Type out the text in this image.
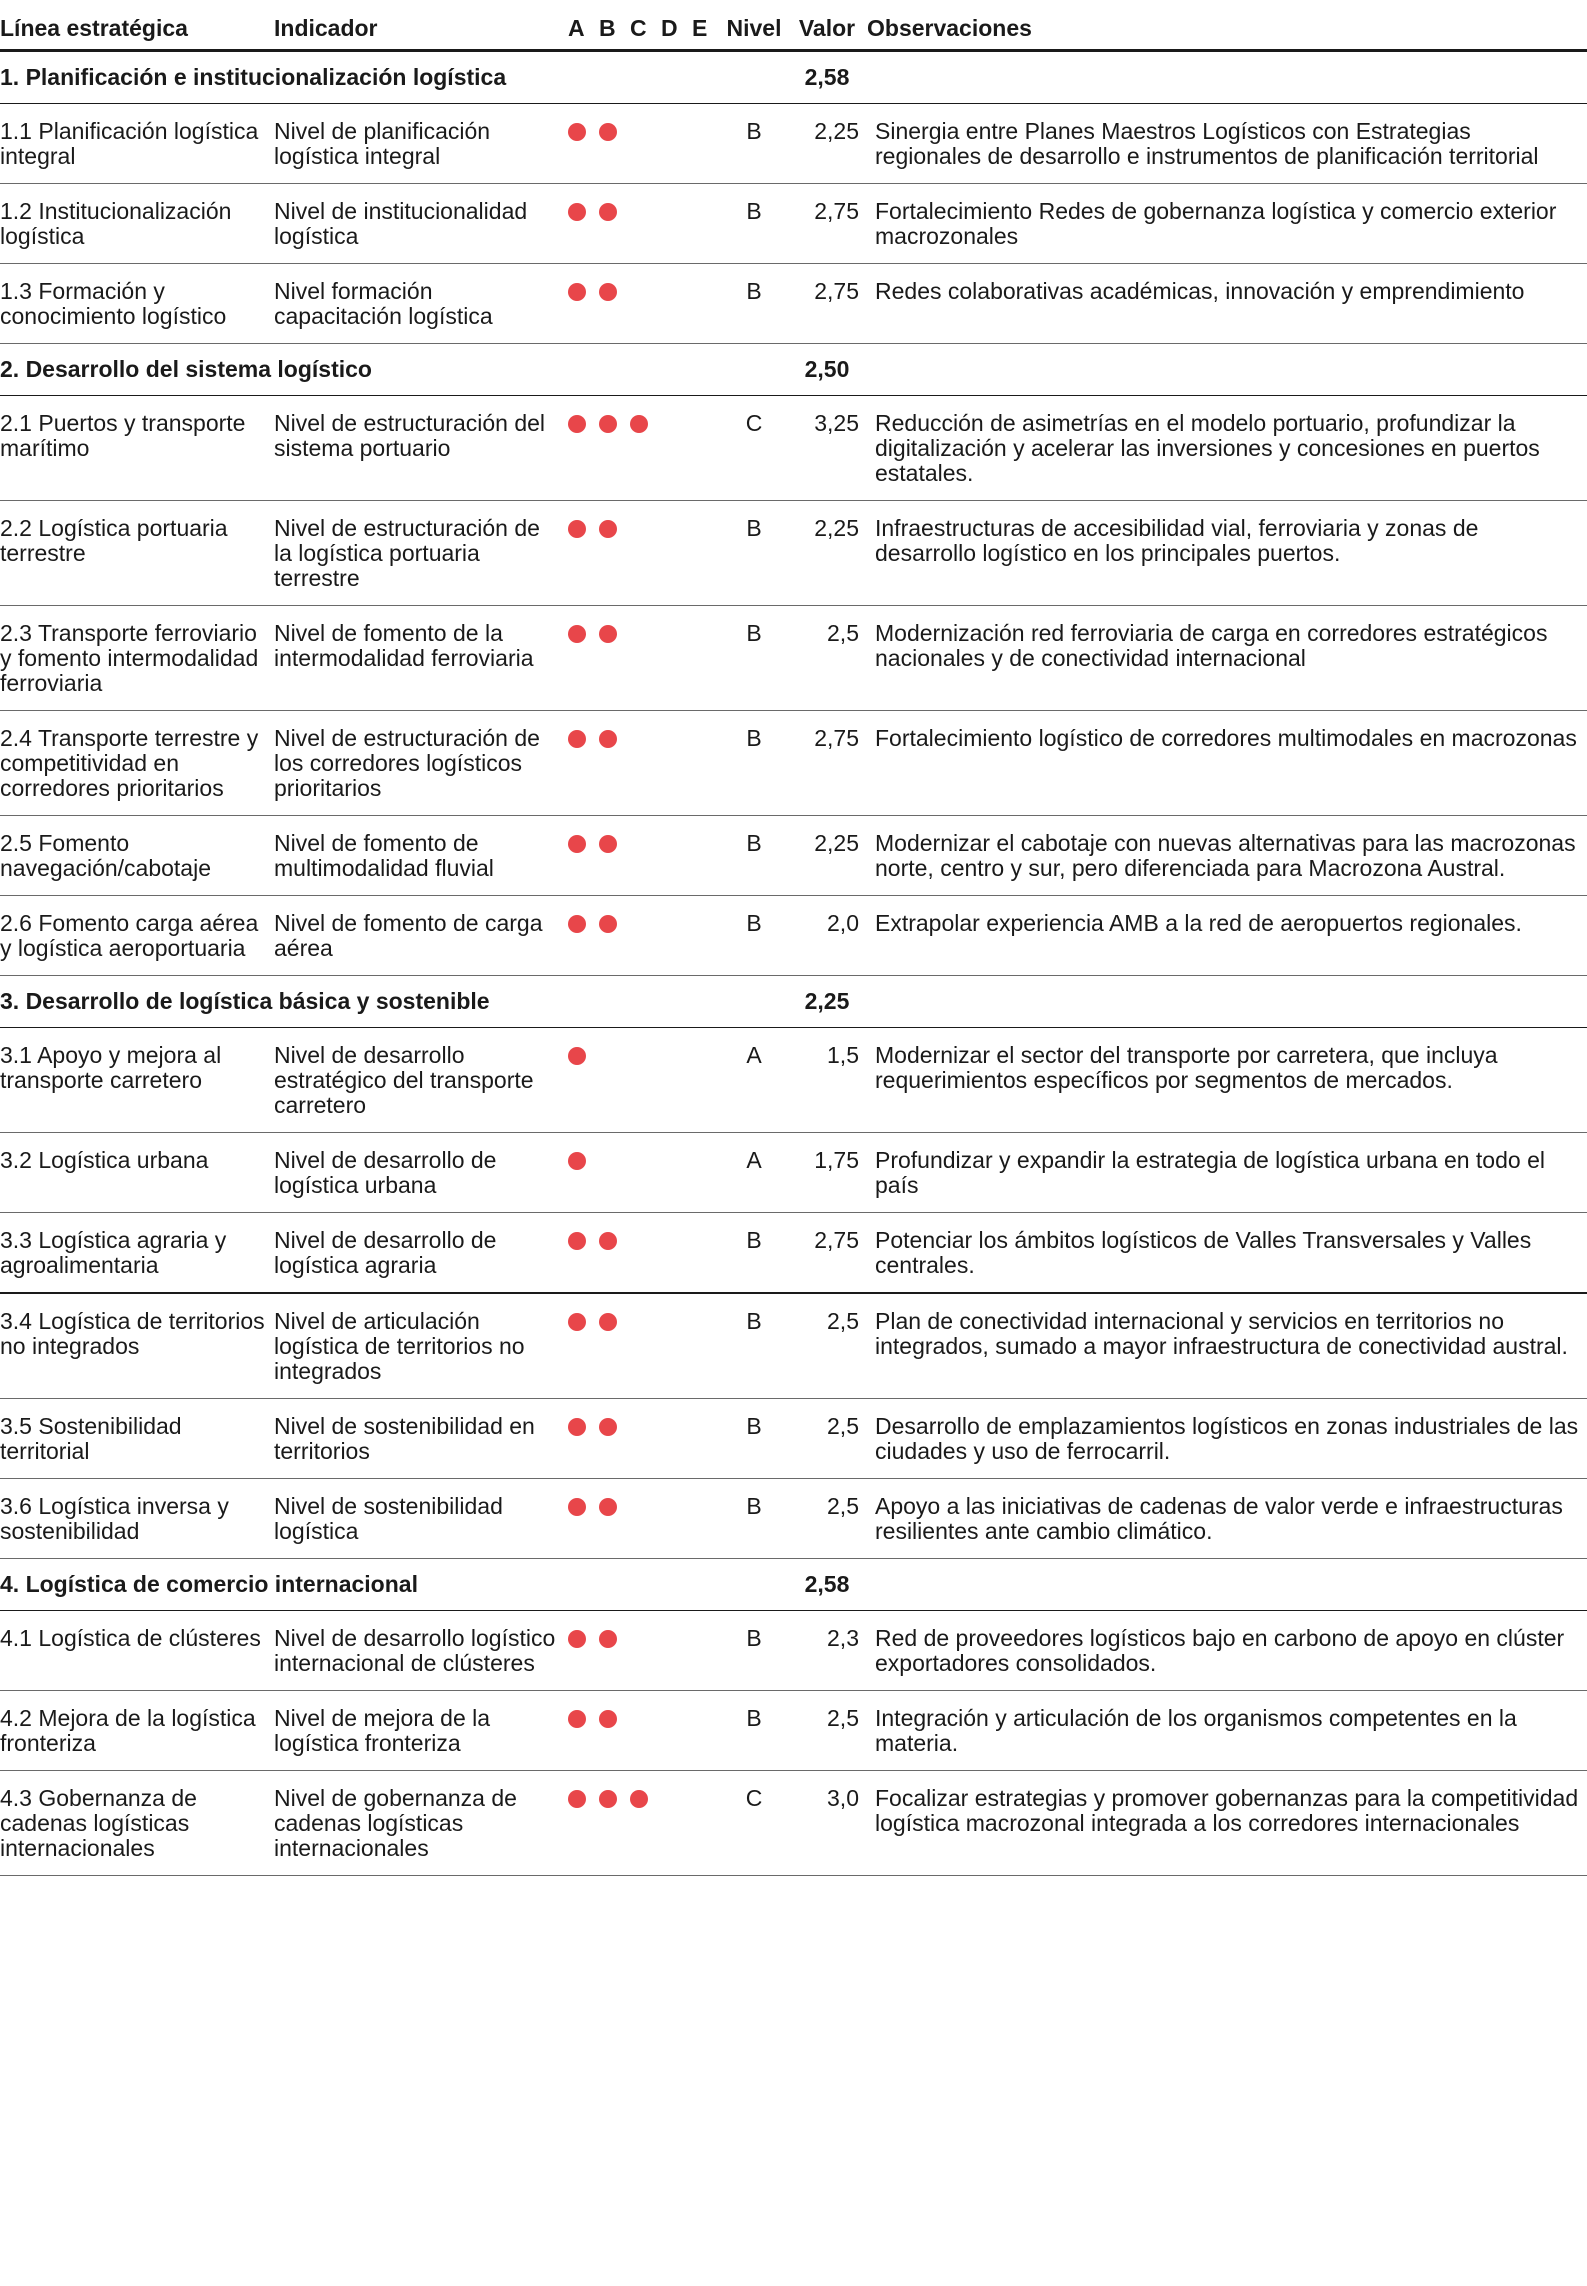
Línea estratégica	Indicador	A	B	C	D	E	Nivel	Valor	Observaciones
1. Planificación e institucionalización logística								2,58	
1.1 Planificación logística integral	Nivel de planificación logística integral						B	2,25	Sinergia entre Planes Maestros Logísticos con Estrategias regionales de desarrollo e instrumentos de planificación territorial
1.2 Institucionalización logística	Nivel de institucionalidad logística						B	2,75	Fortalecimiento Redes de gobernanza logística y comercio exterior macrozonales
1.3 Formación y conocimiento logístico	Nivel formación capacitación logística						B	2,75	Redes colaborativas académicas, innovación y emprendimiento
2. Desarrollo del sistema logístico								2,50	
2.1 Puertos y transporte marítimo	Nivel de estructuración del sistema portuario						C	3,25	Reducción de asimetrías en el modelo portuario, profundizar la digitalización y acelerar las inversiones y concesiones en puertos estatales.
2.2 Logística portuaria terrestre	Nivel de estructuración de la logística portuaria terrestre						B	2,25	Infraestructuras de accesibilidad vial, ferroviaria y zonas de desarrollo logístico en los principales puertos.
2.3 Transporte ferroviario y fomento intermodalidad ferroviaria	Nivel de fomento de la intermodalidad ferroviaria						B	2,5	Modernización red ferroviaria de carga en corredores estratégicos nacionales y de conectividad internacional
2.4 Transporte terrestre y competitividad en corredores prioritarios	Nivel de estructuración de los corredores logísticos prioritarios						B	2,75	Fortalecimiento logístico de corredores multimodales en macrozonas
2.5 Fomento navegación/cabotaje	Nivel de fomento de multimodalidad fluvial						B	2,25	Modernizar el cabotaje con nuevas alternativas para las macrozonas norte, centro y sur, pero diferenciada para Macrozona Austral.
2.6 Fomento carga aérea y logística aeroportuaria	Nivel de fomento de carga aérea						B	2,0	Extrapolar experiencia AMB a la red de aeropuertos regionales.
3. Desarrollo de logística básica y sostenible								2,25	
3.1 Apoyo y mejora al transporte carretero	Nivel de desarrollo estratégico del transporte carretero						A	1,5	Modernizar el sector del transporte por carretera, que incluya requerimientos específicos por segmentos de mercados.
3.2 Logística urbana	Nivel de desarrollo de logística urbana						A	1,75	Profundizar y expandir la estrategia de logística urbana en todo el país
3.3 Logística agraria y agroalimentaria	Nivel de desarrollo de logística agraria						B	2,75	Potenciar los ámbitos logísticos de Valles Transversales y Valles centrales.
3.4 Logística de territorios no integrados	Nivel de articulación logística de territorios no integrados						B	2,5	Plan de conectividad internacional y servicios en territorios no integrados, sumado a mayor infraestructura de conectividad austral.
3.5 Sostenibilidad territorial	Nivel de sostenibilidad en territorios						B	2,5	Desarrollo de emplazamientos logísticos en zonas industriales de las ciudades y uso de ferrocarril.
3.6 Logística inversa y sostenibilidad	Nivel de sostenibilidad logística						B	2,5	Apoyo a las iniciativas de cadenas de valor verde e infraestructuras resilientes ante cambio climático.
4. Logística de comercio internacional								2,58	
4.1 Logística de clústeres	Nivel de desarrollo logístico internacional de clústeres						B	2,3	Red de proveedores logísticos bajo en carbono de apoyo en clúster exportadores consolidados.
4.2 Mejora de la logística fronteriza	Nivel de mejora de la logística fronteriza						B	2,5	Integración y articulación de los organismos competentes en la materia.
4.3 Gobernanza de cadenas logísticas internacionales	Nivel de gobernanza de cadenas logísticas internacionales						C	3,0	Focalizar estrategias y promover gobernanzas para la competitividad logística macrozonal integrada a los corredores internacionales
